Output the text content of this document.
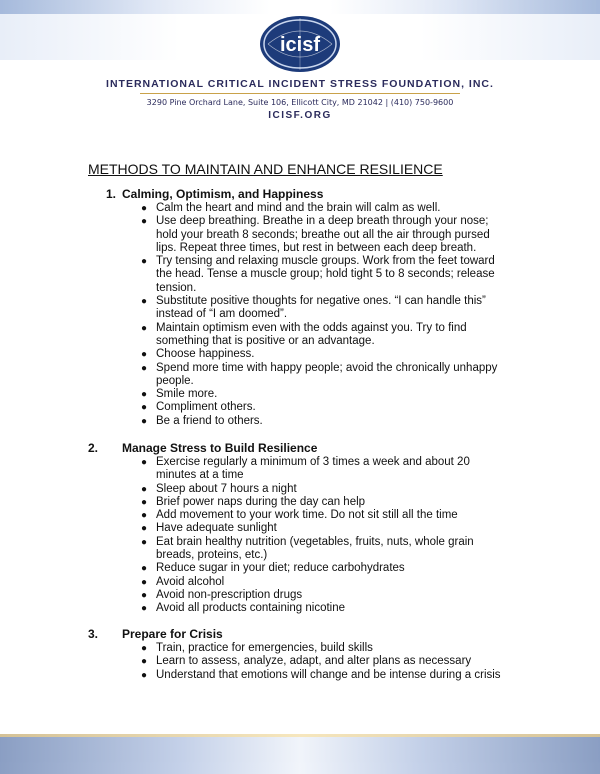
icisf
INTERNATIONAL CRITICAL INCIDENT STRESS FOUNDATION, INC.
3290 Pine Orchard Lane, Suite 106, Ellicott City, MD 21042 | (410) 750-9600
ICISF.ORG
METHODS TO MAINTAIN AND ENHANCE RESILIENCE
1. Calming, Optimism, and Happiness
● Calm the heart and mind and the brain will calm as well.
● Use deep breathing. Breathe in a deep breath through your nose; hold your breath 8 seconds; breathe out all the air through pursed lips. Repeat three times, but rest in between each deep breath.
● Try tensing and relaxing muscle groups. Work from the feet toward the head. Tense a muscle group; hold tight 5 to 8 seconds; release tension.
● Substitute positive thoughts for negative ones. “I can handle this” instead of “I am doomed”.
● Maintain optimism even with the odds against you. Try to find something that is positive or an advantage.
● Choose happiness.
● Spend more time with happy people; avoid the chronically unhappy people.
● Smile more.
● Compliment others.
● Be a friend to others.
2. Manage Stress to Build Resilience
● Exercise regularly a minimum of 3 times a week and about 20 minutes at a time
● Sleep about 7 hours a night
● Brief power naps during the day can help
● Add movement to your work time. Do not sit still all the time
● Have adequate sunlight
● Eat brain healthy nutrition (vegetables, fruits, nuts, whole grain breads, proteins, etc.)
● Reduce sugar in your diet; reduce carbohydrates
● Avoid alcohol
● Avoid non-prescription drugs
● Avoid all products containing nicotine
3. Prepare for Crisis
● Train, practice for emergencies, build skills
● Learn to assess, analyze, adapt, and alter plans as necessary
● Understand that emotions will change and be intense during a crisis
